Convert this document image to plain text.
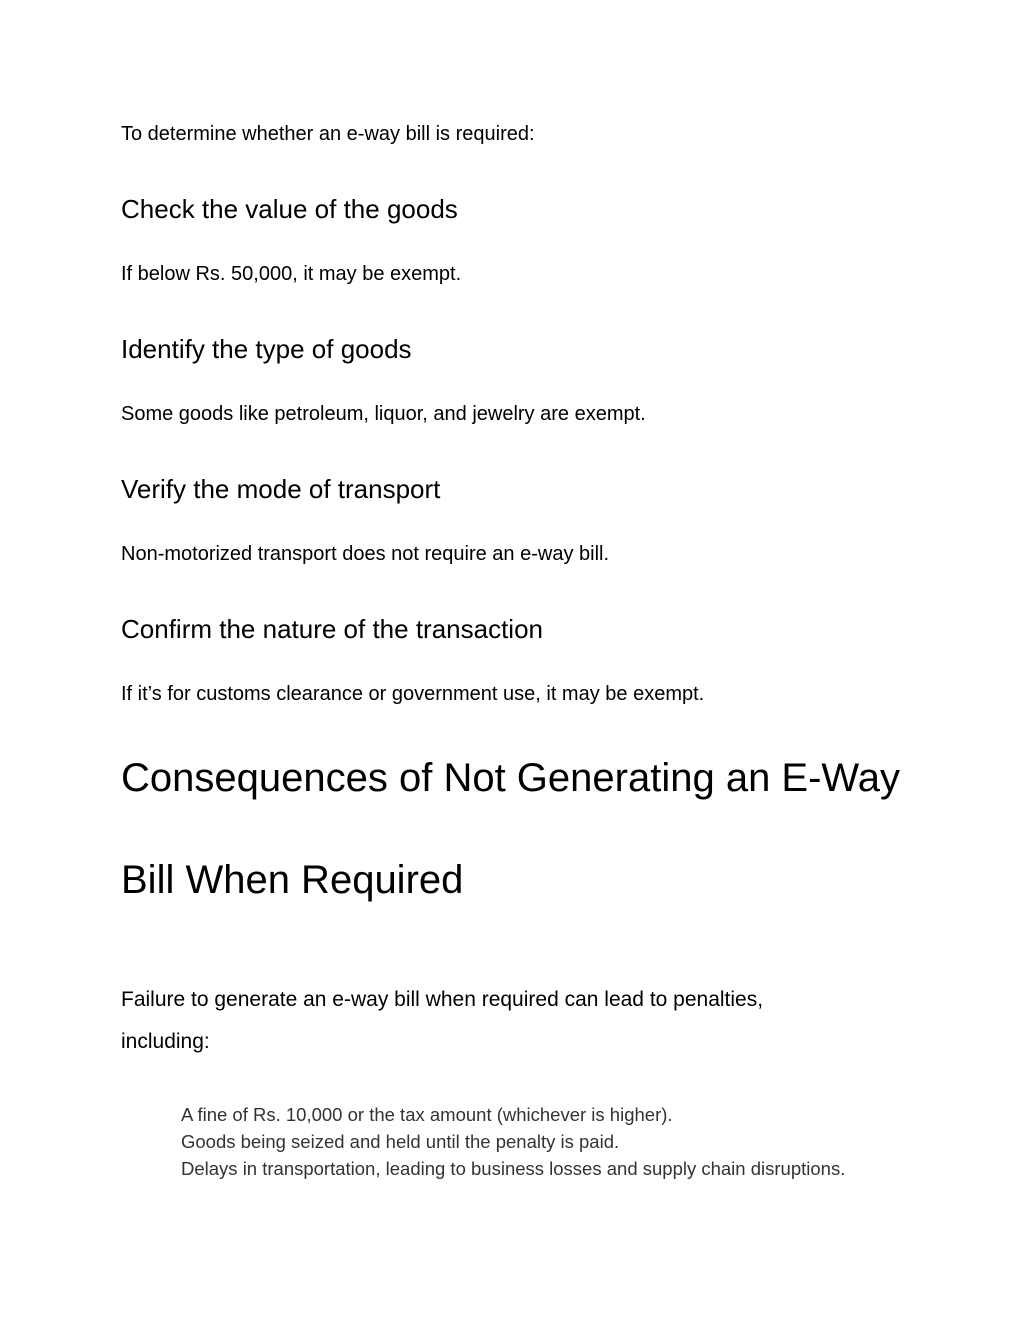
To determine whether an e-way bill is required:

Check the value of the goods

If below Rs. 50,000, it may be exempt.

Identify the type of goods

Some goods like petroleum, liquor, and jewelry are exempt.

Verify the mode of transport

Non-motorized transport does not require an e-way bill.

Confirm the nature of the transaction

If it’s for customs clearance or government use, it may be exempt.

Consequences of Not Generating an E-Way
Bill When Required

Failure to generate an e-way bill when required can lead to penalties,

including:

A fine of Rs. 10,000 or the tax amount (whichever is higher).
Goods being seized and held until the penalty is paid.
Delays in transportation, leading to business losses and supply chain disruptions.
